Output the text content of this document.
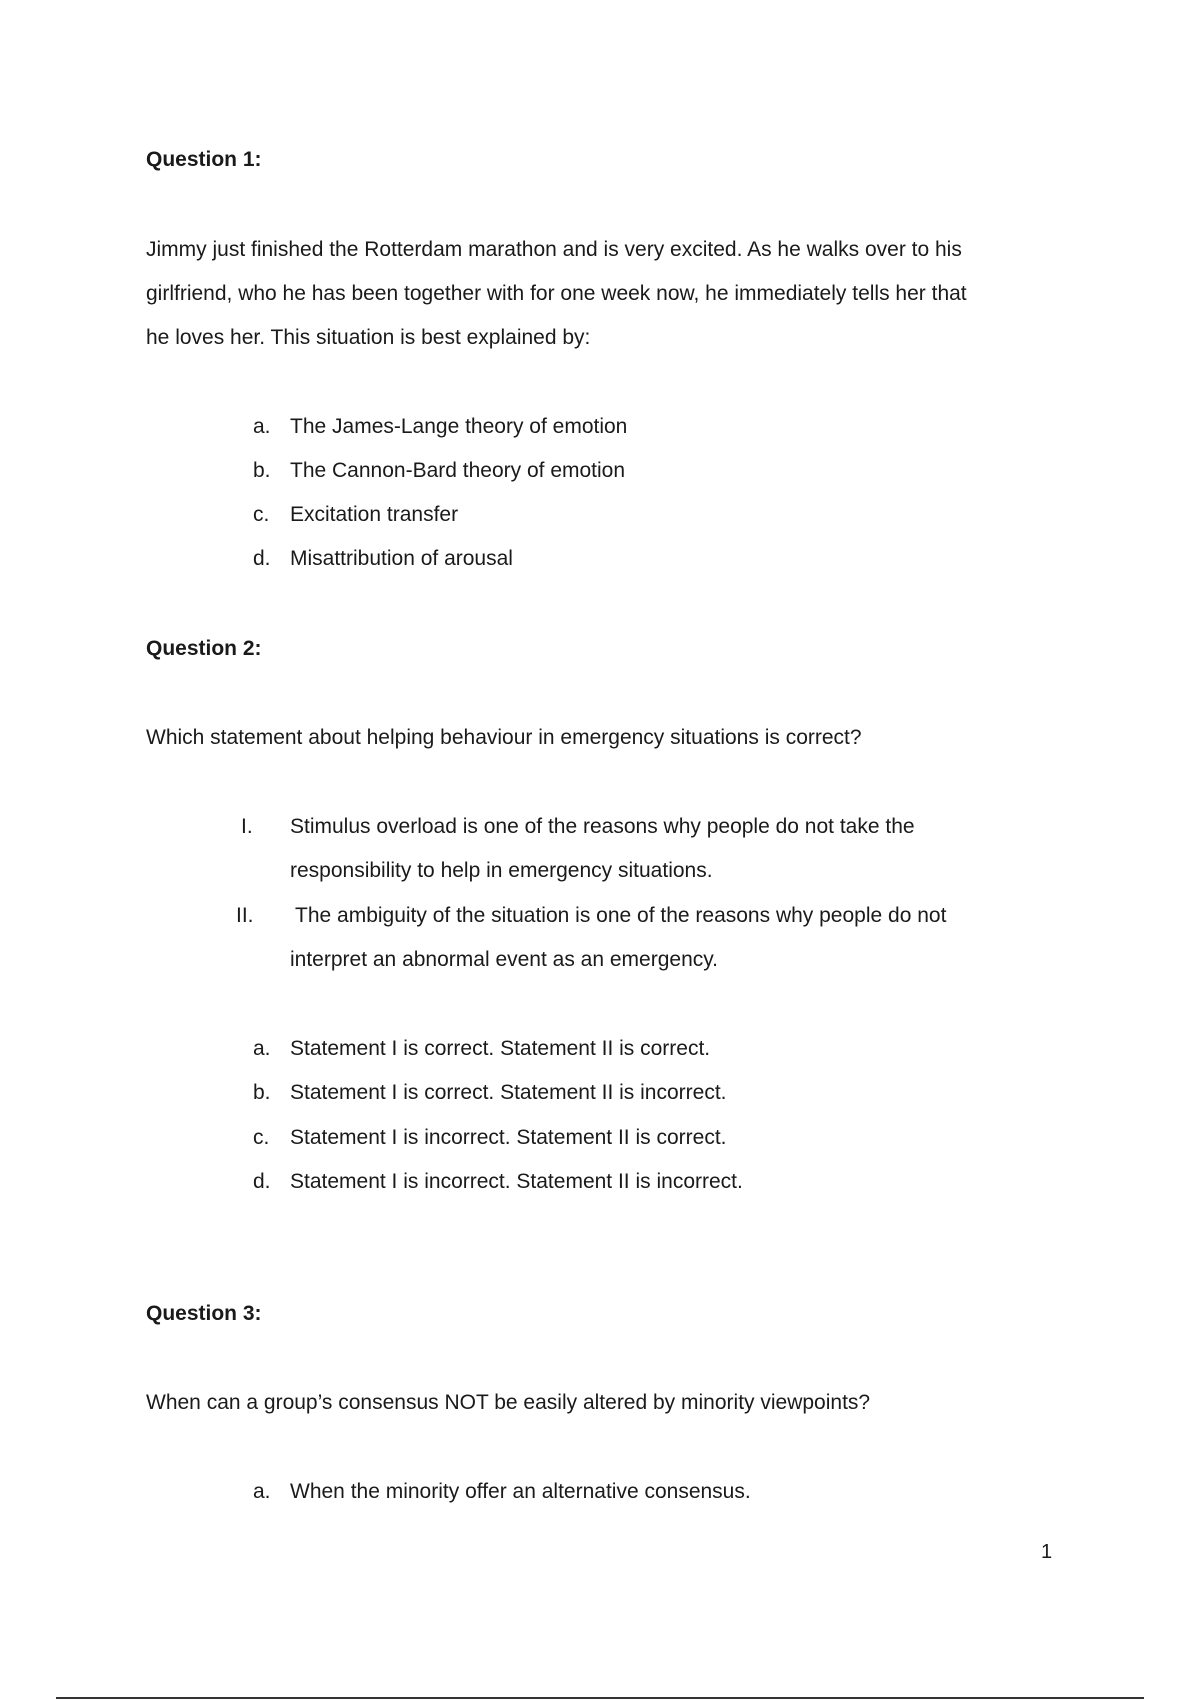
Question 1:
Jimmy just finished the Rotterdam marathon and is very excited. As he walks over to his
girlfriend, who he has been together with for one week now, he immediately tells her that
he loves her. This situation is best explained by:
a. The James-Lange theory of emotion
b. The Cannon-Bard theory of emotion
c. Excitation transfer
d. Misattribution of arousal
Question 2:
Which statement about helping behaviour in emergency situations is correct?
I. Stimulus overload is one of the reasons why people do not take the
responsibility to help in emergency situations.
II. The ambiguity of the situation is one of the reasons why people do not
interpret an abnormal event as an emergency.
a. Statement I is correct. Statement II is correct.
b. Statement I is correct. Statement II is incorrect.
c. Statement I is incorrect. Statement II is correct.
d. Statement I is incorrect. Statement II is incorrect.
Question 3:
When can a group’s consensus NOT be easily altered by minority viewpoints?
a. When the minority offer an alternative consensus.
1
